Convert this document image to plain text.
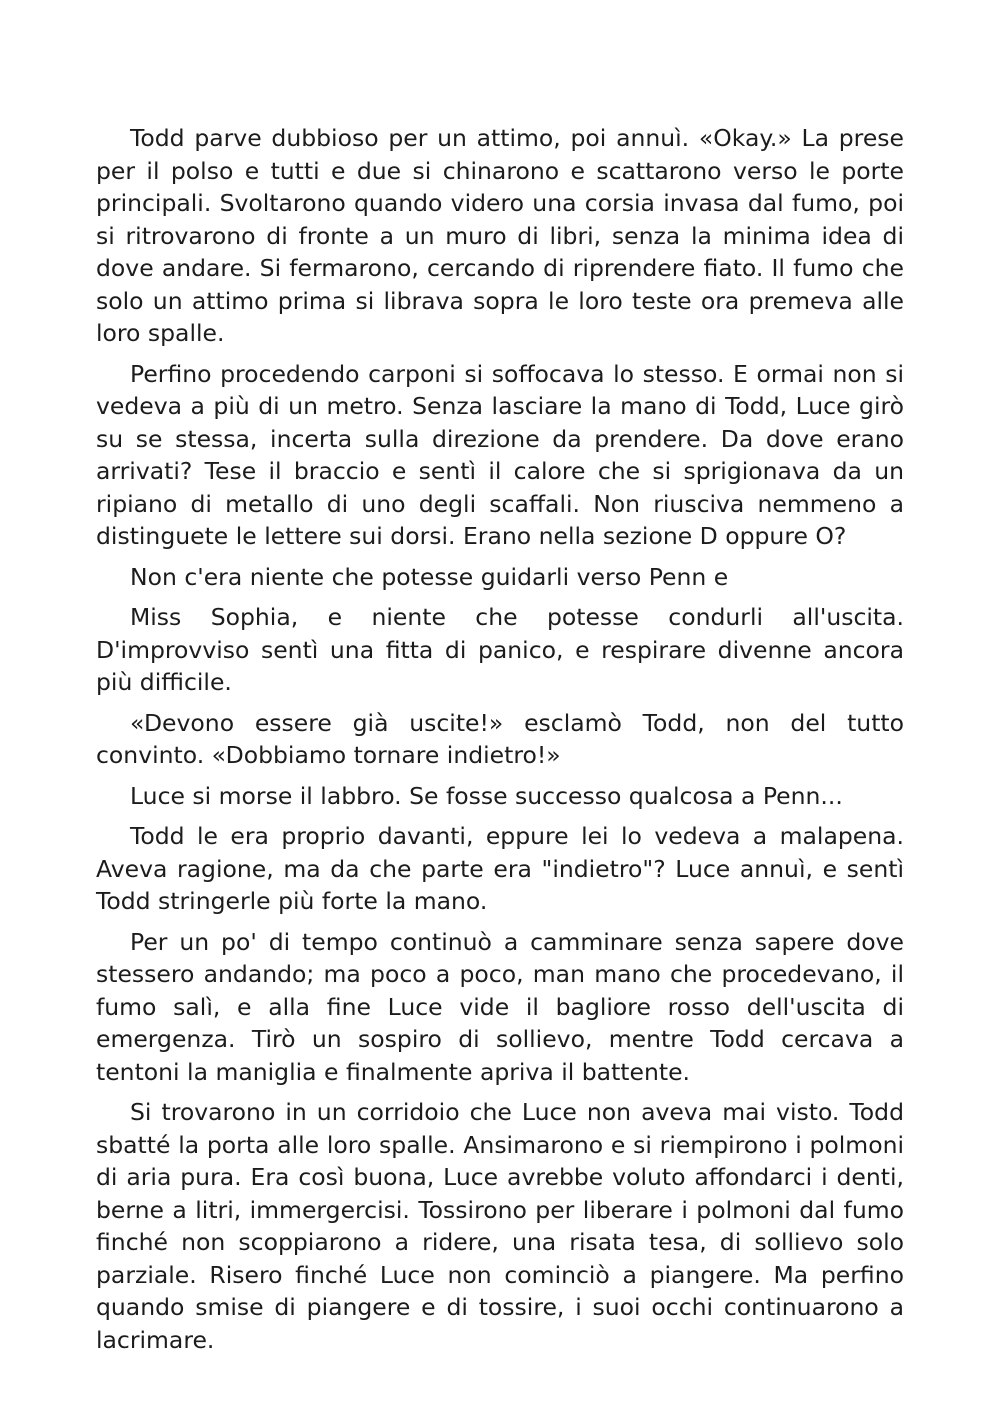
Todd parve dubbioso per un attimo, poi annuì. «Okay.» La prese per il polso e tutti e due si chinarono e scattarono verso le porte principali. Svoltarono quando videro una corsia invasa dal fumo, poi si ritrovarono di fronte a un muro di libri, senza la minima idea di dove andare. Si fermarono, cercando di riprendere fiato. Il fumo che solo un attimo prima si librava sopra le loro teste ora premeva alle loro spalle.

Perfino procedendo carponi si soffocava lo stesso. E ormai non si vedeva a più di un metro. Senza lasciare la mano di Todd, Luce girò su se stessa, incerta sulla direzione da prendere. Da dove erano arrivati? Tese il braccio e sentì il calore che si sprigionava da un ripiano di metallo di uno degli scaffali. Non riusciva nemmeno a distinguete le lettere sui dorsi. Erano nella sezione D oppure O?

Non c'era niente che potesse guidarli verso Penn e

Miss Sophia, e niente che potesse condurli all'uscita. D'improvviso sentì una fitta di panico, e respirare divenne ancora più difficile.

«Devono essere già uscite!» esclamò Todd, non del tutto convinto. «Dobbiamo tornare indietro!»

Luce si morse il labbro. Se fosse successo qualcosa a Penn...

Todd le era proprio davanti, eppure lei lo vedeva a malapena. Aveva ragione, ma da che parte era "indietro"? Luce annuì, e sentì Todd stringerle più forte la mano.

Per un po' di tempo continuò a camminare senza sapere dove stessero andando; ma poco a poco, man mano che procedevano, il fumo salì, e alla fine Luce vide il bagliore rosso dell'uscita di emergenza. Tirò un sospiro di sollievo, mentre Todd cercava a tentoni la maniglia e finalmente apriva il battente.

Si trovarono in un corridoio che Luce non aveva mai visto. Todd sbatté la porta alle loro spalle. Ansimarono e si riempirono i polmoni di aria pura. Era così buona, Luce avrebbe voluto affondarci i denti, berne a litri, immergercisi. Tossirono per liberare i polmoni dal fumo finché non scoppiarono a ridere, una risata tesa, di sollievo solo parziale. Risero finché Luce non cominciò a piangere. Ma perfino quando smise di piangere e di tossire, i suoi occhi continuarono a lacrimare.
